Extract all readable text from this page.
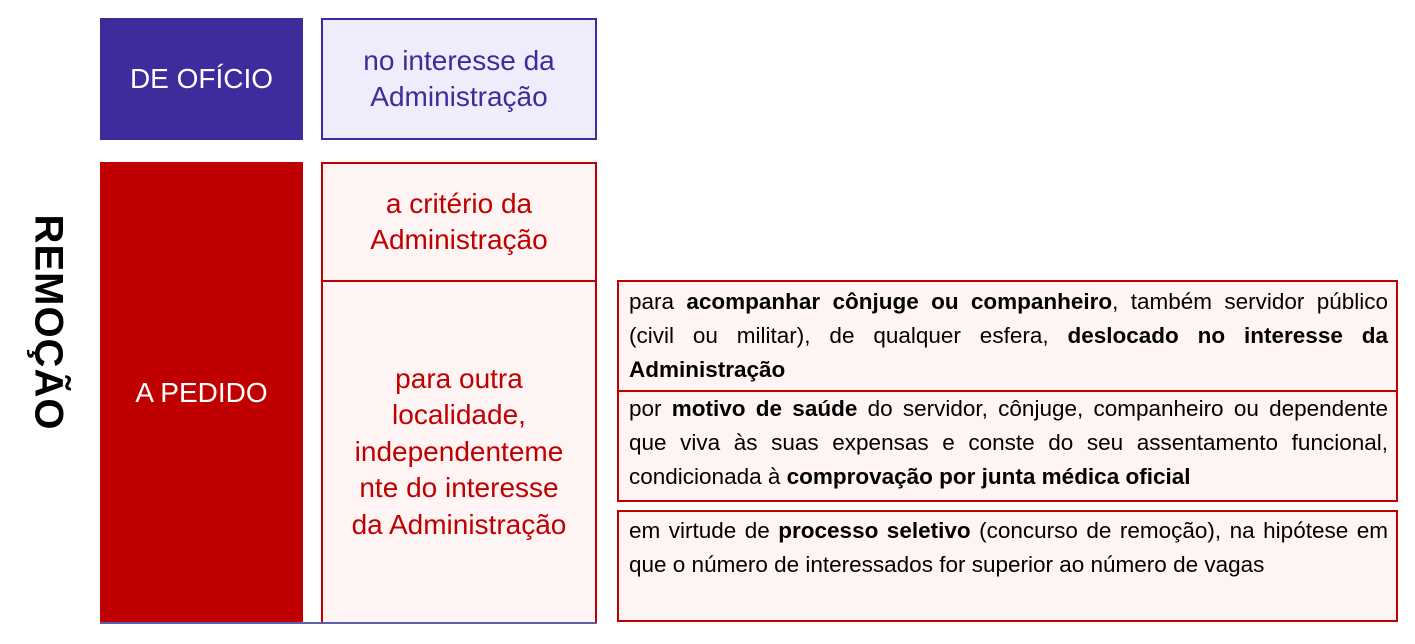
REMOÇÃO
DE OFÍCIO
no interesse da
Administração
A PEDIDO
a critério da
Administração
para outra
localidade,
independenteme
nte do interesse
da Administração
para acompanhar cônjuge ou companheiro, também servidor público (civil ou militar), de qualquer esfera, deslocado no interesse da Administração
por motivo de saúde do servidor, cônjuge, companheiro ou dependente que viva às suas expensas e conste do seu assentamento funcional, condicionada à comprovação por junta médica oficial
em virtude de processo seletivo (concurso de remoção), na hipótese em que o número de interessados for superior ao número de vagas
